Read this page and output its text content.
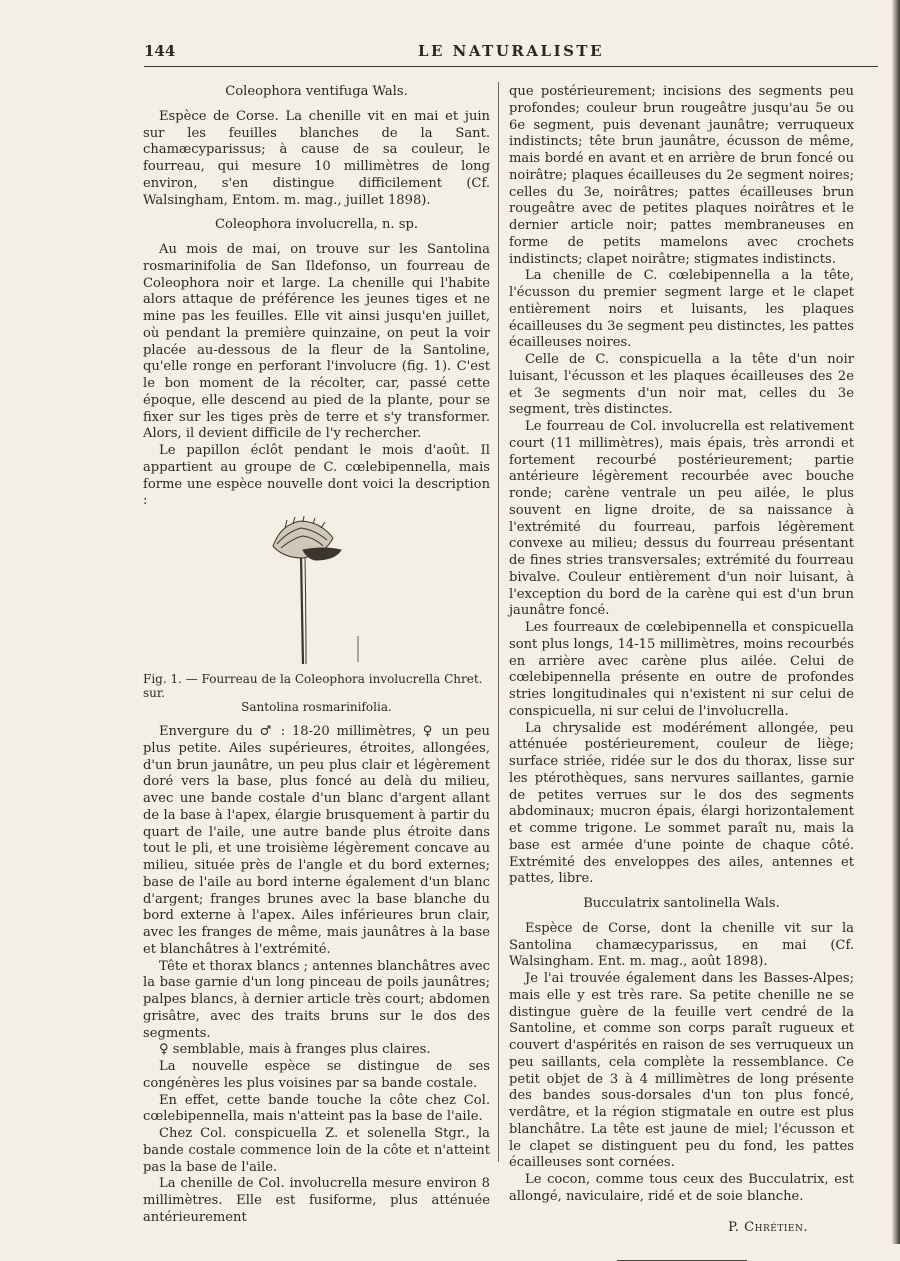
144	LE NATURALISTE

Coleophora ventifuga Wals.

Espèce de Corse. La chenille vit en mai et juin sur les feuilles blanches de la Sant. chamæcyparissus; à cause de sa couleur, le fourreau, qui mesure 10 millimètres de long environ, s'en distingue difficilement (Cf. Walsingham, Entom. m. mag., juillet 1898).

Coleophora involucrella, n. sp.

Au mois de mai, on trouve sur les Santolina rosmarinifolia de San Ildefonso, un fourreau de Coleophora noir et large. La chenille qui l'habite alors attaque de préférence les jeunes tiges et ne mine pas les feuilles. Elle vit ainsi jusqu'en juillet, où pendant la première quinzaine, on peut la voir placée au-dessous de la fleur de la Santoline, qu'elle ronge en perforant l'involucre (fig. 1). C'est le bon moment de la récolter, car, passé cette époque, elle descend au pied de la plante, pour se fixer sur les tiges près de terre et s'y transformer. Alors, il devient difficile de l'y rechercher.

Le papillon éclôt pendant le mois d'août. Il appartient au groupe de C. cœlebipennella, mais forme une espèce nouvelle dont voici la description :

Fig. 1. — Fourreau de la Coleophora involucrella Chret. sur.
Santolina rosmarinifolia.

Envergure du ♂ : 18-20 millimètres, ♀ un peu plus petite. Ailes supérieures, étroites, allongées, d'un brun jaunâtre, un peu plus clair et légèrement doré vers la base, plus foncé au delà du milieu, avec une bande costale d'un blanc d'argent allant de la base à l'apex, élargie brusquement à partir du quart de l'aile, une autre bande plus étroite dans tout le pli, et une troisième légèrement concave au milieu, située près de l'angle et du bord externes; base de l'aile au bord interne également d'un blanc d'argent; franges brunes avec la base blanche du bord externe à l'apex. Ailes inférieures brun clair, avec les franges de même, mais jaunâtres à la base et blanchâtres à l'extrémité.

Tête et thorax blancs ; antennes blanchâtres avec la base garnie d'un long pinceau de poils jaunâtres; palpes blancs, à dernier article très court; abdomen grisâtre, avec des traits bruns sur le dos des segments.

♀ semblable, mais à franges plus claires.

La nouvelle espèce se distingue de ses congénères les plus voisines par sa bande costale.

En effet, cette bande touche la côte chez Col. cœlebipennella, mais n'atteint pas la base de l'aile.

Chez Col. conspicuella Z. et solenella Stgr., la bande costale commence loin de la côte et n'atteint pas la base de l'aile.

La chenille de Col. involucrella mesure environ 8 millimètres. Elle est fusiforme, plus atténuée antérieurement

que postérieurement; incisions des segments peu profondes; couleur brun rougeâtre jusqu'au 5e ou 6e segment, puis devenant jaunâtre; verruqueux indistincts; tête brun jaunâtre, écusson de même, mais bordé en avant et en arrière de brun foncé ou noirâtre; plaques écailleuses du 2e segment noires; celles du 3e, noirâtres; pattes écailleuses brun rougeâtre avec de petites plaques noirâtres et le dernier article noir; pattes membraneuses en forme de petits mamelons avec crochets indistincts; clapet noirâtre; stigmates indistincts.

La chenille de C. cœlebipennella a la tête, l'écusson du premier segment large et le clapet entièrement noirs et luisants, les plaques écailleuses du 3e segment peu distinctes, les pattes écailleuses noires.

Celle de C. conspicuella a la tête d'un noir luisant, l'écusson et les plaques écailleuses des 2e et 3e segments d'un noir mat, celles du 3e segment, très distinctes.

Le fourreau de Col. involucrella est relativement court (11 millimètres), mais épais, très arrondi et fortement recourbé postérieurement; partie antérieure légèrement recourbée avec bouche ronde; carène ventrale un peu ailée, le plus souvent en ligne droite, de sa naissance à l'extrémité du fourreau, parfois légèrement convexe au milieu; dessus du fourreau présentant de fines stries transversales; extrémité du fourreau bivalve. Couleur entièrement d'un noir luisant, à l'exception du bord de la carène qui est d'un brun jaunâtre foncé.

Les fourreaux de cœlebipennella et conspicuella sont plus longs, 14-15 millimètres, moins recourbés en arrière avec carène plus ailée. Celui de cœlebipennella présente en outre de profondes stries longitudinales qui n'existent ni sur celui de conspicuella, ni sur celui de l'involucrella.

La chrysalide est modérément allongée, peu atténuée postérieurement, couleur de liège; surface striée, ridée sur le dos du thorax, lisse sur les ptérothèques, sans nervures saillantes, garnie de petites verrues sur le dos des segments abdominaux; mucron épais, élargi horizontalement et comme trigone. Le sommet paraît nu, mais la base est armée d'une pointe de chaque côté. Extrémité des enveloppes des ailes, antennes et pattes, libre.

Bucculatrix santolinella Wals.

Espèce de Corse, dont la chenille vit sur la Santolina chamæcyparissus, en mai (Cf. Walsingham. Ent. m. mag., août 1898).

Je l'ai trouvée également dans les Basses-Alpes; mais elle y est très rare. Sa petite chenille ne se distingue guère de la feuille vert cendré de la Santoline, et comme son corps paraît rugueux et couvert d'aspérités en raison de ses verruqueux un peu saillants, cela complète la ressemblance. Ce petit objet de 3 à 4 millimètres de long présente des bandes sous-dorsales d'un ton plus foncé, verdâtre, et la région stigmatale en outre est plus blanchâtre. La tête est jaune de miel; l'écusson et le clapet se distinguent peu du fond, les pattes écailleuses sont cornées.

Le cocon, comme tous ceux des Bucculatrix, est allongé, naviculaire, ridé et de soie blanche.

P. Chrétien.
